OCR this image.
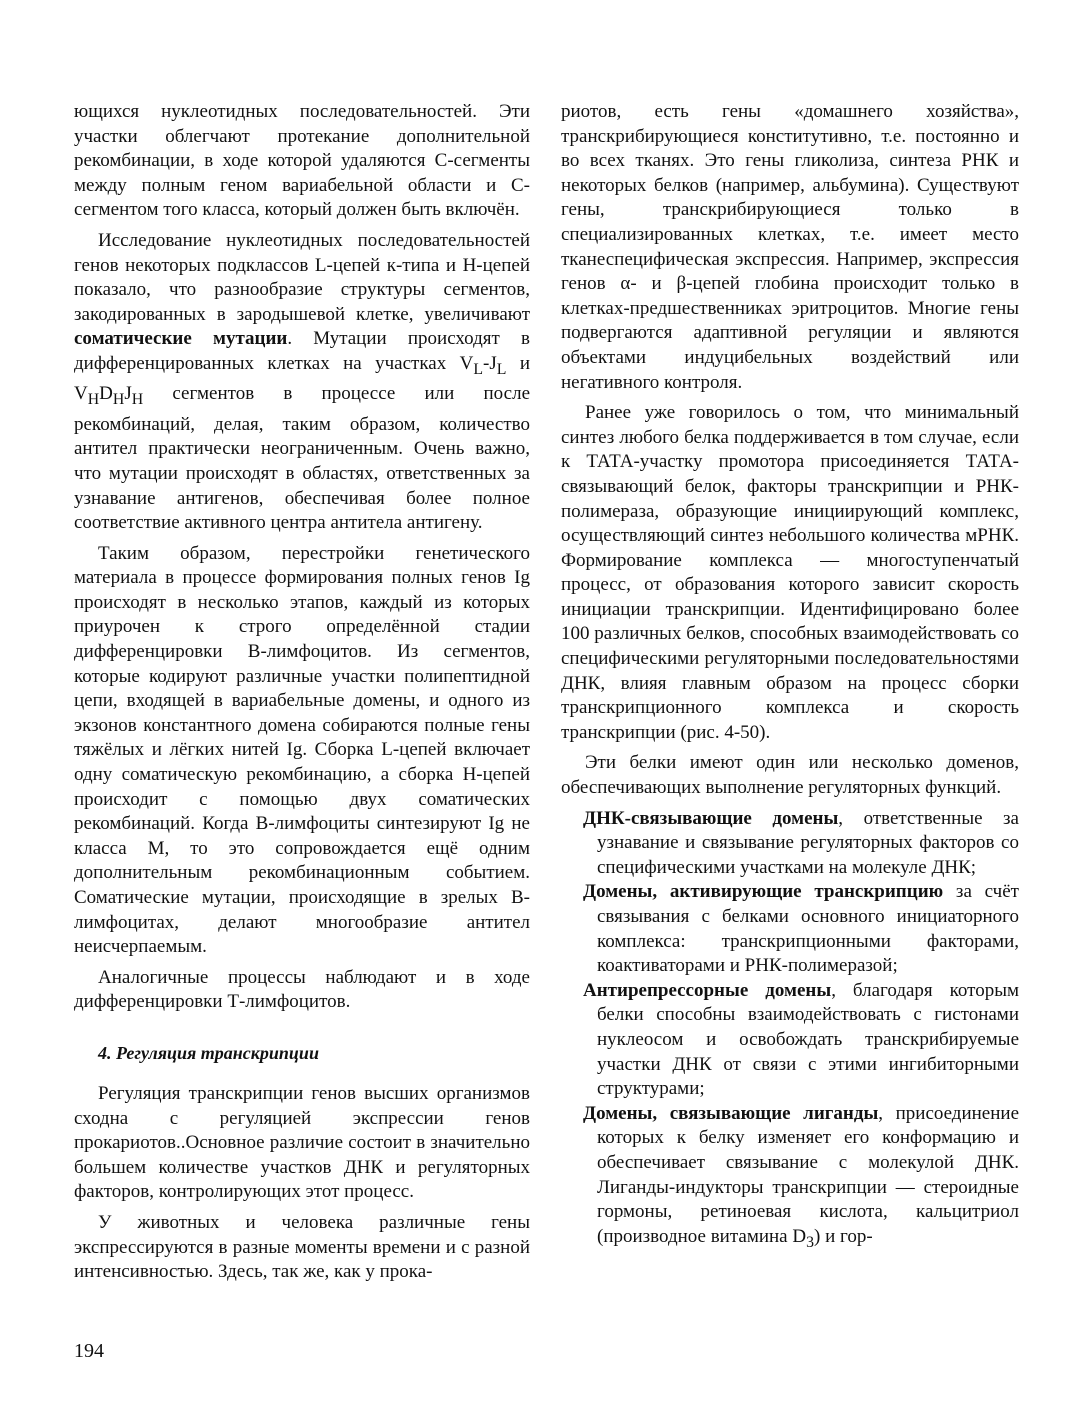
ющихся нуклеотидных последовательностей. Эти участки облегчают протекание дополнительной рекомбинации, в ходе которой удаляются С-сегменты между полным геном вариабельной области и С-сегментом того класса, который должен быть включён.

Исследование нуклеотидных последовательностей генов некоторых подклассов L-цепей к-типа и H-цепей показало, что разнообразие структуры сегментов, закодированных в зародышевой клетке, увеличивают соматические мутации. Мутации происходят в дифференцированных клетках на участках $V_L-J_L$ и $V_HD_HJ_H$ сегментов в процессе или после рекомбинаций, делая, таким образом, количество антител практически неограниченным. Очень важно, что мутации происходят в областях, ответственных за узнавание антигенов, обеспечивая более полное соответствие активного центра антитела антигену.

Таким образом, перестройки генетического материала в процессе формирования полных генов Ig происходят в несколько этапов, каждый из которых приурочен к строго определённой стадии дифференцировки В-лимфоцитов. Из сегментов, которые кодируют различные участки полипептидной цепи, входящей в вариабельные домены, и одного из экзонов константного домена собираются полные гены тяжёлых и лёгких нитей Ig. Сборка L-цепей включает одну соматическую рекомбинацию, а сборка H-цепей происходит с помощью двух соматических рекомбинаций. Когда В-лимфоциты синтезируют Ig не класса M, то это сопровождается ещё одним дополнительным рекомбинационным событием. Соматические мутации, происходящие в зрелых В-лимфоцитах, делают многообразие антител неисчерпаемым.

Аналогичные процессы наблюдают и в ходе дифференцировки Т-лимфоцитов.

4. Регуляция транскрипции

Регуляция транскрипции генов высших организмов сходна с регуляцией экспрессии генов прокариотов..Основное различие состоит в значительно большем количестве участков ДНК и регуляторных факторов, контролирующих этот процесс.

У животных и человека различные гены экспрессируются в разные моменты времени и с разной интенсивностью. Здесь, так же, как у прока-

риотов, есть гены «домашнего хозяйства», транскрибирующиеся конститутивно, т.е. постоянно и во всех тканях. Это гены гликолиза, синтеза РНК и некоторых белков (например, альбумина). Существуют гены, транскрибирующиеся только в специализированных клетках, т.е. имеет место тканеспецифическая экспрессия. Например, экспрессия генов α- и β-цепей глобина происходит только в клетках-предшественниках эритроцитов. Многие гены подвергаются адаптивной регуляции и являются объектами индуцибельных воздействий или негативного контроля.

Ранее уже говорилось о том, что минимальный синтез любого белка поддерживается в том случае, если к ТАТА-участку промотора присоединяется ТАТА-связывающий белок, факторы транскрипции и РНК-полимераза, образующие инициирующий комплекс, осуществляющий синтез небольшого количества мРНК. Формирование комплекса — многоступенчатый процесс, от образования которого зависит скорость инициации транскрипции. Идентифицировано более 100 различных белков, способных взаимодействовать со специфическими регуляторными последовательностями ДНК, влияя главным образом на процесс сборки транскрипционного комплекса и скорость транскрипции (рис. 4-50).

Эти белки имеют один или несколько доменов, обеспечивающих выполнение регуляторных функций.

ДНК-связывающие домены, ответственные за узнавание и связывание регуляторных факторов со специфическими участками на молекуле ДНК;

Домены, активирующие транскрипцию за счёт связывания с белками основного инициаторного комплекса: транскрипционными факторами, коактиваторами и РНК-полимеразой;

Антирепрессорные домены, благодаря которым белки способны взаимодействовать с гистонами нуклеосом и освобождать транскрибируемые участки ДНК от связи с этими ингибиторными структурами;

Домены, связывающие лиганды, присоединение которых к белку изменяет его конформацию и обеспечивает связывание с молекулой ДНК. Лиганды-индукторы транскрипции — стероидные гормоны, ретиноевая кислота, кальцитриол (производное витамина $D_3$) и гор-

194
